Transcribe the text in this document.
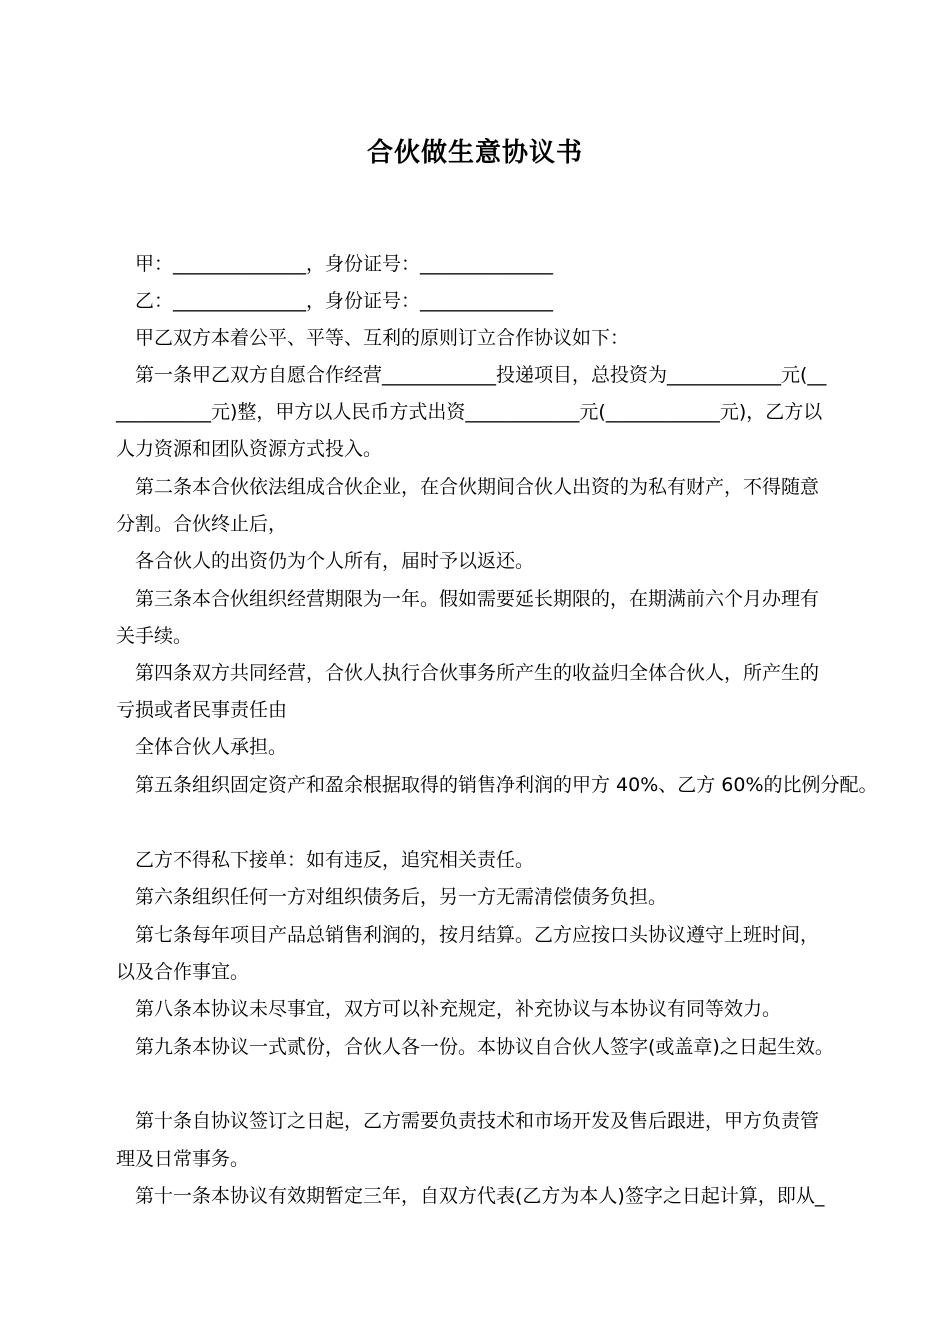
合伙做生意协议书
甲：______________，身份证号：______________
乙：______________，身份证号：______________
甲乙双方本着公平、平等、互利的原则订立合作协议如下：
第一条甲乙双方自愿合作经营____________投递项目，总投资为____________元(__
__________元)整，甲方以人民币方式出资____________元(____________元)，乙方以
人力资源和团队资源方式投入。
第二条本合伙依法组成合伙企业，在合伙期间合伙人出资的为私有财产，不得随意
分割。合伙终止后，
各合伙人的出资仍为个人所有，届时予以返还。
第三条本合伙组织经营期限为一年。假如需要延长期限的，在期满前六个月办理有
关手续。
第四条双方共同经营，合伙人执行合伙事务所产生的收益归全体合伙人，所产生的
亏损或者民事责任由
全体合伙人承担。
第五条组织固定资产和盈余根据取得的销售净利润的甲方 40%、乙方 60%的比例分配。
乙方不得私下接单：如有违反，追究相关责任。
第六条组织任何一方对组织债务后，另一方无需清偿债务负担。
第七条每年项目产品总销售利润的，按月结算。乙方应按口头协议遵守上班时间，
以及合作事宜。
第八条本协议未尽事宜，双方可以补充规定，补充协议与本协议有同等效力。
第九条本协议一式贰份，合伙人各一份。本协议自合伙人签字(或盖章)之日起生效。
第十条自协议签订之日起，乙方需要负责技术和市场开发及售后跟进，甲方负责管
理及日常事务。
第十一条本协议有效期暂定三年，自双方代表(乙方为本人)签字之日起计算，即从_
